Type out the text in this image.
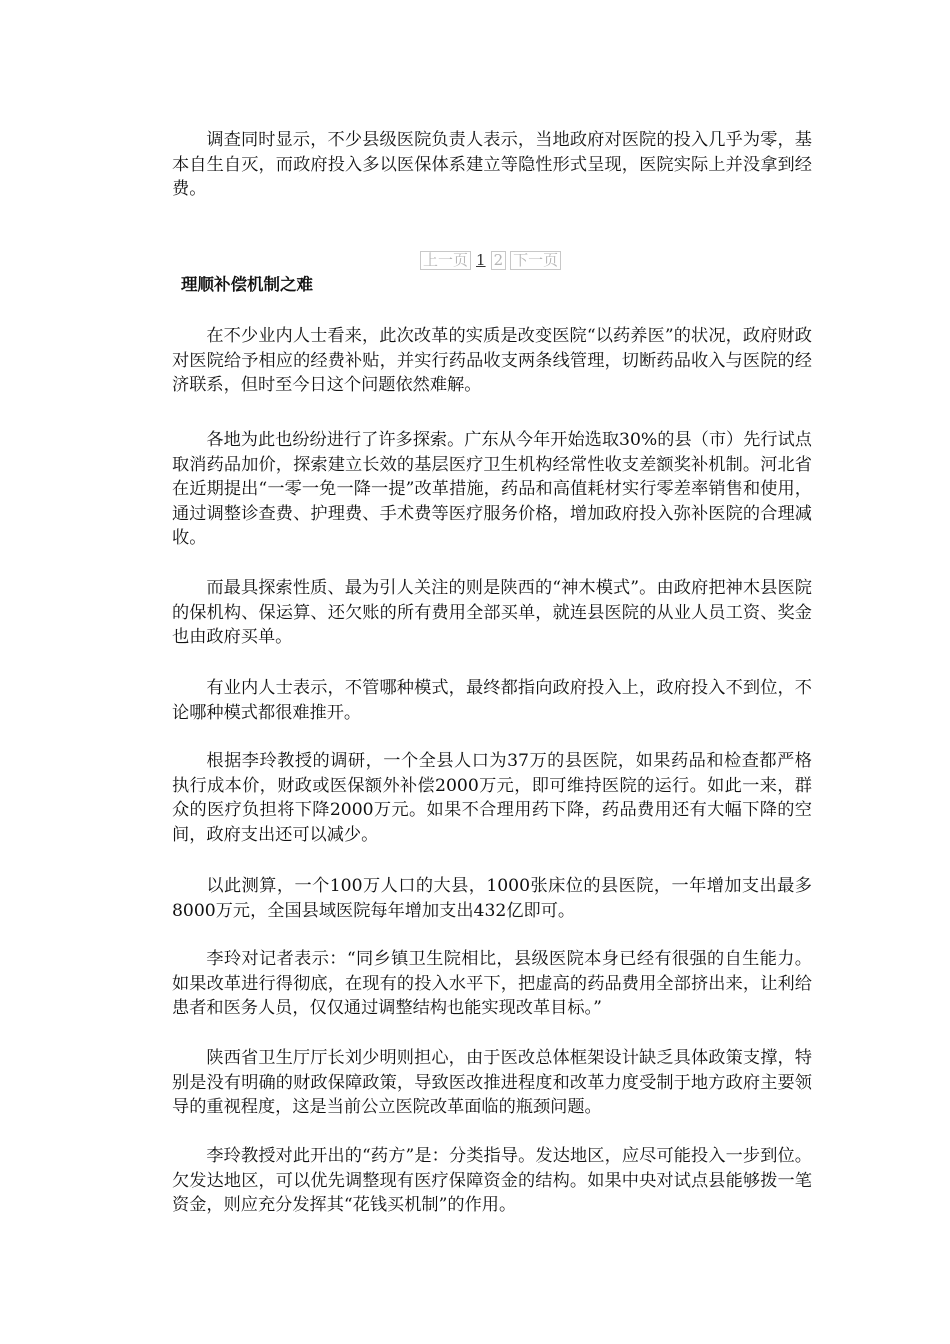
调查同时显示，不少县级医院负责人表示，当地政府对医院的投入几乎为零，基本自生自灭，而政府投入多以医保体系建立等隐性形式呈现，医院实际上并没拿到经费。

上一页 1 2 下一页
理顺补偿机制之难

在不少业内人士看来，此次改革的实质是改变医院“以药养医”的状况，政府财政对医院给予相应的经费补贴，并实行药品收支两条线管理，切断药品收入与医院的经济联系，但时至今日这个问题依然难解。

各地为此也纷纷进行了许多探索。广东从今年开始选取30%的县（市）先行试点取消药品加价，探索建立长效的基层医疗卫生机构经常性收支差额奖补机制。河北省在近期提出“一零一免一降一提”改革措施，药品和高值耗材实行零差率销售和使用，通过调整诊查费、护理费、手术费等医疗服务价格，增加政府投入弥补医院的合理减收。

而最具探索性质、最为引人关注的则是陕西的“神木模式”。由政府把神木县医院的保机构、保运算、还欠账的所有费用全部买单，就连县医院的从业人员工资、奖金也由政府买单。

有业内人士表示，不管哪种模式，最终都指向政府投入上，政府投入不到位，不论哪种模式都很难推开。

根据李玲教授的调研，一个全县人口为37万的县医院，如果药品和检查都严格执行成本价，财政或医保额外补偿2000万元，即可维持医院的运行。如此一来，群众的医疗负担将下降2000万元。如果不合理用药下降，药品费用还有大幅下降的空间，政府支出还可以减少。

以此测算，一个100万人口的大县，1000张床位的县医院，一年增加支出最多8000万元，全国县域医院每年增加支出432亿即可。

李玲对记者表示：“同乡镇卫生院相比，县级医院本身已经有很强的自生能力。如果改革进行得彻底，在现有的投入水平下，把虚高的药品费用全部挤出来，让利给患者和医务人员，仅仅通过调整结构也能实现改革目标。”

陕西省卫生厅厅长刘少明则担心，由于医改总体框架设计缺乏具体政策支撑，特别是没有明确的财政保障政策，导致医改推进程度和改革力度受制于地方政府主要领导的重视程度，这是当前公立医院改革面临的瓶颈问题。

李玲教授对此开出的“药方”是：分类指导。发达地区，应尽可能投入一步到位。欠发达地区，可以优先调整现有医疗保障资金的结构。如果中央对试点县能够拨一笔资金，则应充分发挥其“花钱买机制”的作用。
